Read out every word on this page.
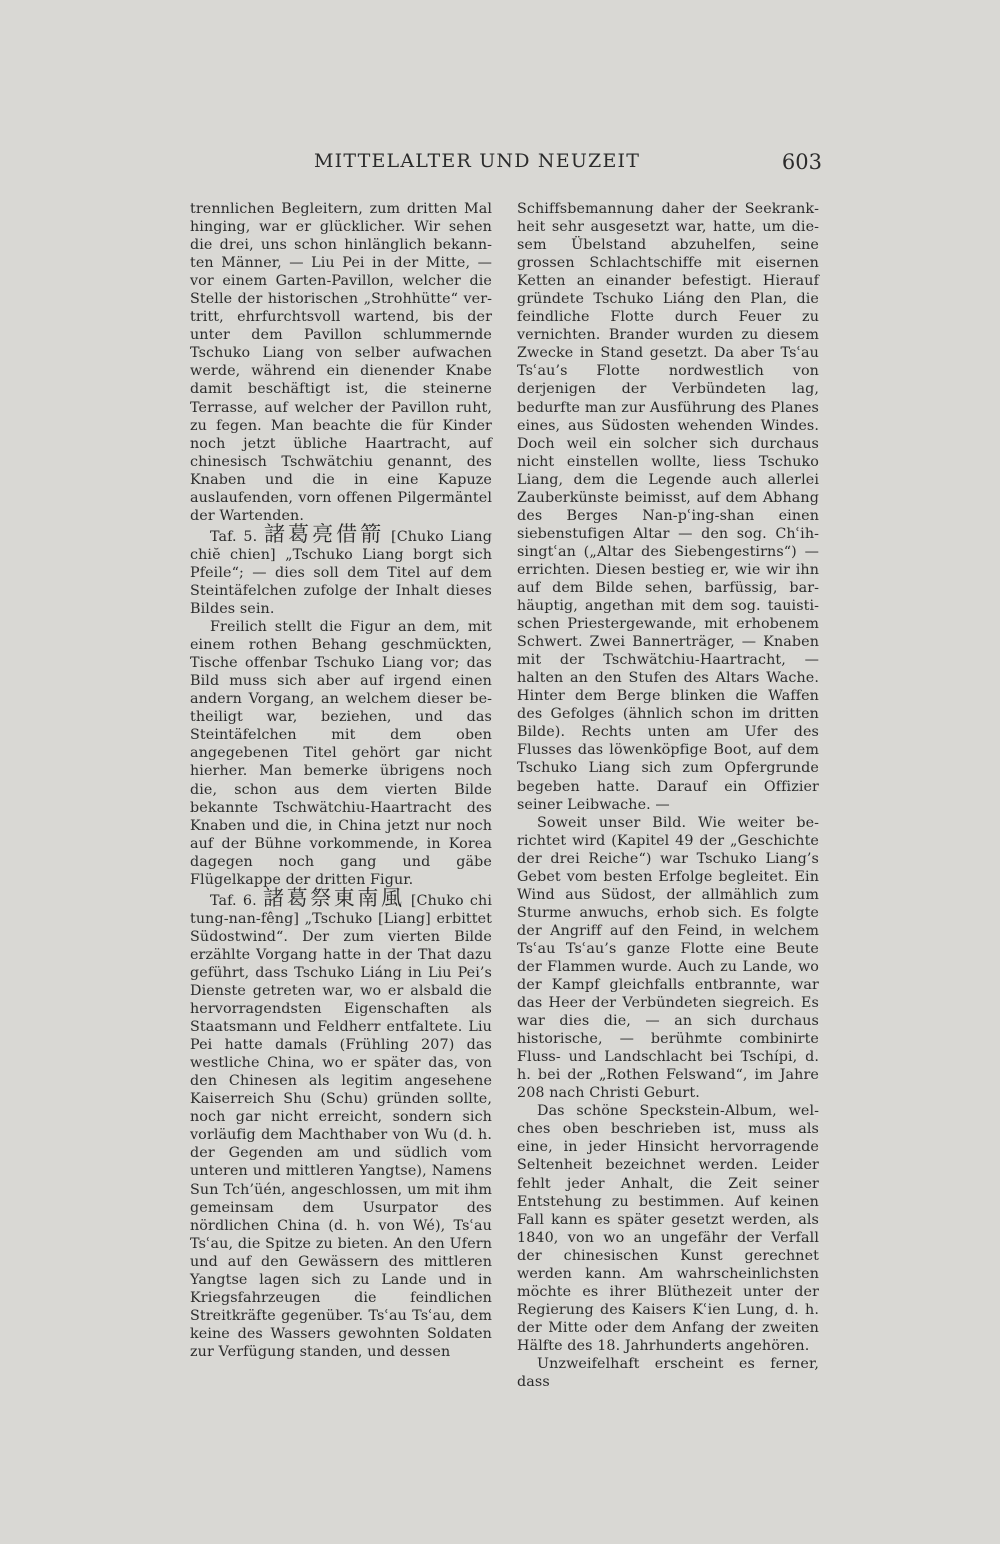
MITTELALTER UND NEUZEIT	603

trennlichen Begleitern, zum dritten Mal hinging, war er glücklicher. Wir sehen die drei, uns schon hinlänglich bekannten Männer, — Liu Pei in der Mitte, — vor einem Garten-Pavillon, welcher die Stelle der historischen „Strohhütte“ vertritt, ehrfurchtsvoll wartend, bis der unter dem Pavillon schlummernde Tschuko Liang von selber aufwachen werde, während ein dienender Knabe damit beschäftigt ist, die steinerne Terrasse, auf welcher der Pavillon ruht, zu fegen. Man beachte die für Kinder noch jetzt übliche Haartracht, auf chinesisch Tschwätchiu genannt, des Knaben und die in eine Kapuze auslaufenden, vorn offenen Pilgermäntel der Wartenden.

Taf. 5. 諸葛亮借箭 [Chuko Liang chiĕ chien] „Tschuko Liang borgt sich Pfeile“; — dies soll dem Titel auf dem Steintäfelchen zufolge der Inhalt dieses Bildes sein.

Freilich stellt die Figur an dem, mit einem rothen Behang geschmückten, Tische offenbar Tschuko Liang vor; das Bild muss sich aber auf irgend einen andern Vorgang, an welchem dieser betheiligt war, beziehen, und das Steintäfelchen mit dem oben angegebenen Titel gehört gar nicht hierher. Man bemerke übrigens noch die, schon aus dem vierten Bilde bekannte Tschwätchiu-Haartracht des Knaben und die, in China jetzt nur noch auf der Bühne vorkommende, in Korea dagegen noch gang und gäbe Flügelkappe der dritten Figur.

Taf. 6. 諸葛祭東南風 [Chuko chi tung-nan-fêng] „Tschuko [Liang] erbittet Südostwind“. Der zum vierten Bilde erzählte Vorgang hatte in der That dazu geführt, dass Tschuko Liáng in Liu Pei’s Dienste getreten war, wo er alsbald die hervorragendsten Eigenschaften als Staatsmann und Feldherr entfaltete. Liu Pei hatte damals (Frühling 207) das westliche China, wo er später das, von den Chinesen als legitim angesehene Kaiserreich Shu (Schu) gründen sollte, noch gar nicht erreicht, sondern sich vorläufig dem Machthaber von Wu (d. h. der Gegenden am und südlich vom unteren und mittleren Yangtse), Namens Sun Tch’üén, angeschlossen, um mit ihm gemeinsam dem Usurpator des nördlichen China (d. h. von Wé), Tsʿau Tsʿau, die Spitze zu bieten. An den Ufern und auf den Gewässern des mittleren Yangtse lagen sich zu Lande und in Kriegsfahrzeugen die feindlichen Streitkräfte gegenüber. Tsʿau Tsʿau, dem keine des Wassers gewohnten Soldaten zur Verfügung standen, und dessen

Schiffsbemannung daher der Seekrankheit sehr ausgesetzt war, hatte, um diesem Übelstand abzuhelfen, seine grossen Schlachtschiffe mit eisernen Ketten an einander befestigt. Hierauf gründete Tschuko Liáng den Plan, die feindliche Flotte durch Feuer zu vernichten. Brander wurden zu diesem Zwecke in Stand gesetzt. Da aber Tsʿau Tsʿau’s Flotte nordwestlich von derjenigen der Verbündeten lag, bedurfte man zur Ausführung des Planes eines, aus Südosten wehenden Windes. Doch weil ein solcher sich durchaus nicht einstellen wollte, liess Tschuko Liang, dem die Legende auch allerlei Zauberkünste beimisst, auf dem Abhang des Berges Nan-pʿing-shan einen siebenstufigen Altar — den sog. Chʿihsingtʿan („Altar des Siebengestirns“) — errichten. Diesen bestieg er, wie wir ihn auf dem Bilde sehen, barfüssig, barhäuptig, angethan mit dem sog. tauistischen Priestergewande, mit erhobenem Schwert. Zwei Bannerträger, — Knaben mit der Tschwätchiu-Haartracht, — halten an den Stufen des Altars Wache. Hinter dem Berge blinken die Waffen des Gefolges (ähnlich schon im dritten Bilde). Rechts unten am Ufer des Flusses das löwenköpfige Boot, auf dem Tschuko Liang sich zum Opfergrunde begeben hatte. Darauf ein Offizier seiner Leibwache. —

Soweit unser Bild. Wie weiter berichtet wird (Kapitel 49 der „Geschichte der drei Reiche“) war Tschuko Liang’s Gebet vom besten Erfolge begleitet. Ein Wind aus Südost, der allmählich zum Sturme anwuchs, erhob sich. Es folgte der Angriff auf den Feind, in welchem Tsʿau Tsʿau’s ganze Flotte eine Beute der Flammen wurde. Auch zu Lande, wo der Kampf gleichfalls entbrannte, war das Heer der Verbündeten siegreich. Es war dies die, — an sich durchaus historische, — berühmte combinirte Fluss- und Landschlacht bei Tschípi, d. h. bei der „Rothen Felswand“, im Jahre 208 nach Christi Geburt.

Das schöne Speckstein-Album, welches oben beschrieben ist, muss als eine, in jeder Hinsicht hervorragende Seltenheit bezeichnet werden. Leider fehlt jeder Anhalt, die Zeit seiner Entstehung zu bestimmen. Auf keinen Fall kann es später gesetzt werden, als 1840, von wo an ungefähr der Verfall der chinesischen Kunst gerechnet werden kann. Am wahrscheinlichsten möchte es ihrer Blüthezeit unter der Regierung des Kaisers Kʿien Lung, d. h. der Mitte oder dem Anfang der zweiten Hälfte des 18. Jahrhunderts angehören.

Unzweifelhaft erscheint es ferner, dass
